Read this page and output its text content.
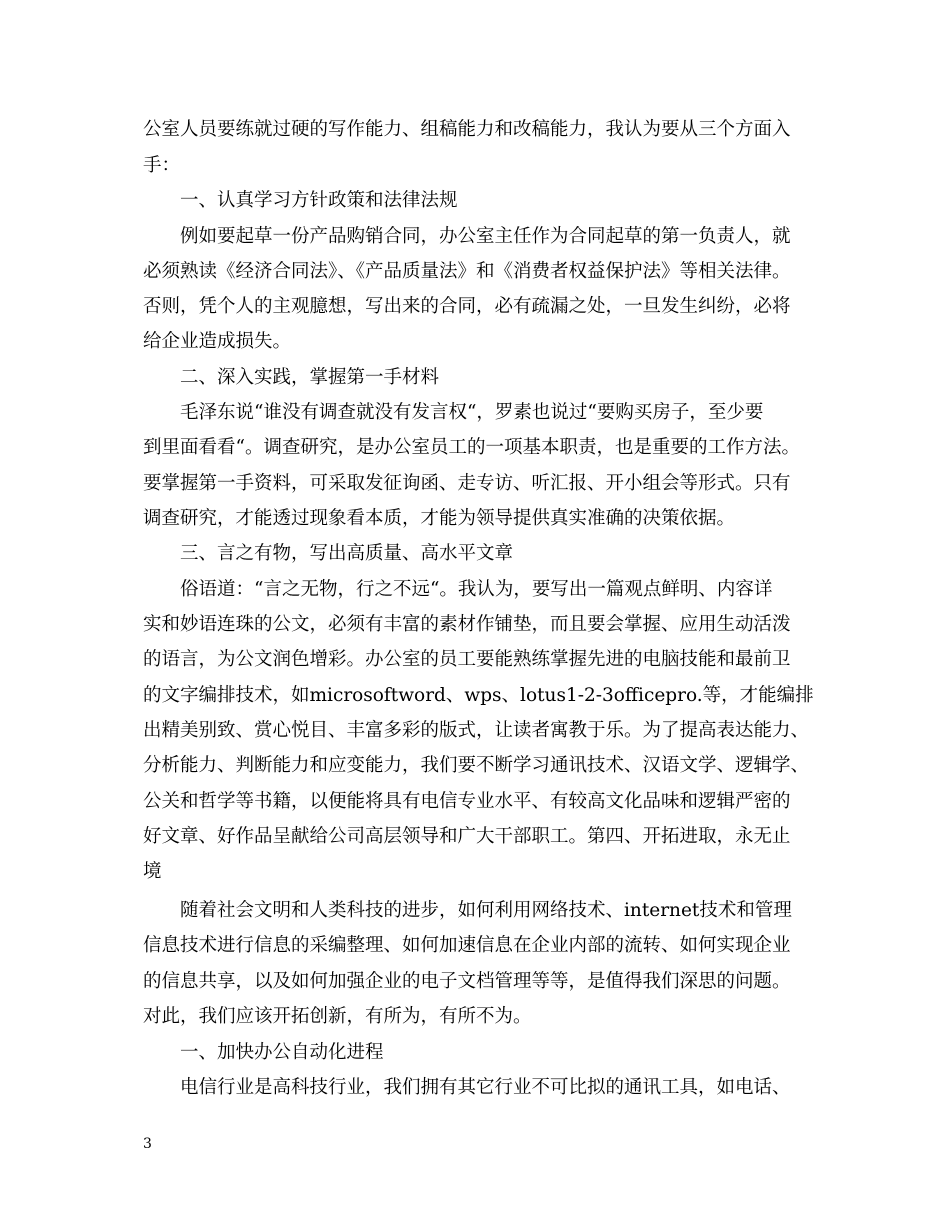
公室人员要练就过硬的写作能力、组稿能力和改稿能力，我认为要从三个方面入
手：
一、认真学习方针政策和法律法规
例如要起草一份产品购销合同，办公室主任作为合同起草的第一负责人，就
必须熟读《经济合同法》、《产品质量法》和《消费者权益保护法》等相关法律。
否则，凭个人的主观臆想，写出来的合同，必有疏漏之处，一旦发生纠纷，必将
给企业造成损失。
二、深入实践，掌握第一手材料
毛泽东说“谁没有调查就没有发言权“，罗素也说过“要购买房子，至少要
到里面看看“。调查研究，是办公室员工的一项基本职责，也是重要的工作方法。
要掌握第一手资料，可采取发征询函、走专访、听汇报、开小组会等形式。只有
调查研究，才能透过现象看本质，才能为领导提供真实准确的决策依据。
三、言之有物，写出高质量、高水平文章
俗语道：“言之无物，行之不远“。我认为，要写出一篇观点鲜明、内容详
实和妙语连珠的公文，必须有丰富的素材作铺垫，而且要会掌握、应用生动活泼
的语言，为公文润色增彩。办公室的员工要能熟练掌握先进的电脑技能和最前卫
的文字编排技术，如microsoftword、wps、lotus1-2-3officepro.等，才能编排
出精美别致、赏心悦目、丰富多彩的版式，让读者寓教于乐。为了提高表达能力、
分析能力、判断能力和应变能力，我们要不断学习通讯技术、汉语文学、逻辑学、
公关和哲学等书籍，以便能将具有电信专业水平、有较高文化品味和逻辑严密的
好文章、好作品呈献给公司高层领导和广大干部职工。第四、开拓进取，永无止
境
随着社会文明和人类科技的进步，如何利用网络技术、internet技术和管理
信息技术进行信息的采编整理、如何加速信息在企业内部的流转、如何实现企业
的信息共享，以及如何加强企业的电子文档管理等等，是值得我们深思的问题。
对此，我们应该开拓创新，有所为，有所不为。
一、加快办公自动化进程
电信行业是高科技行业，我们拥有其它行业不可比拟的通讯工具，如电话、
3
